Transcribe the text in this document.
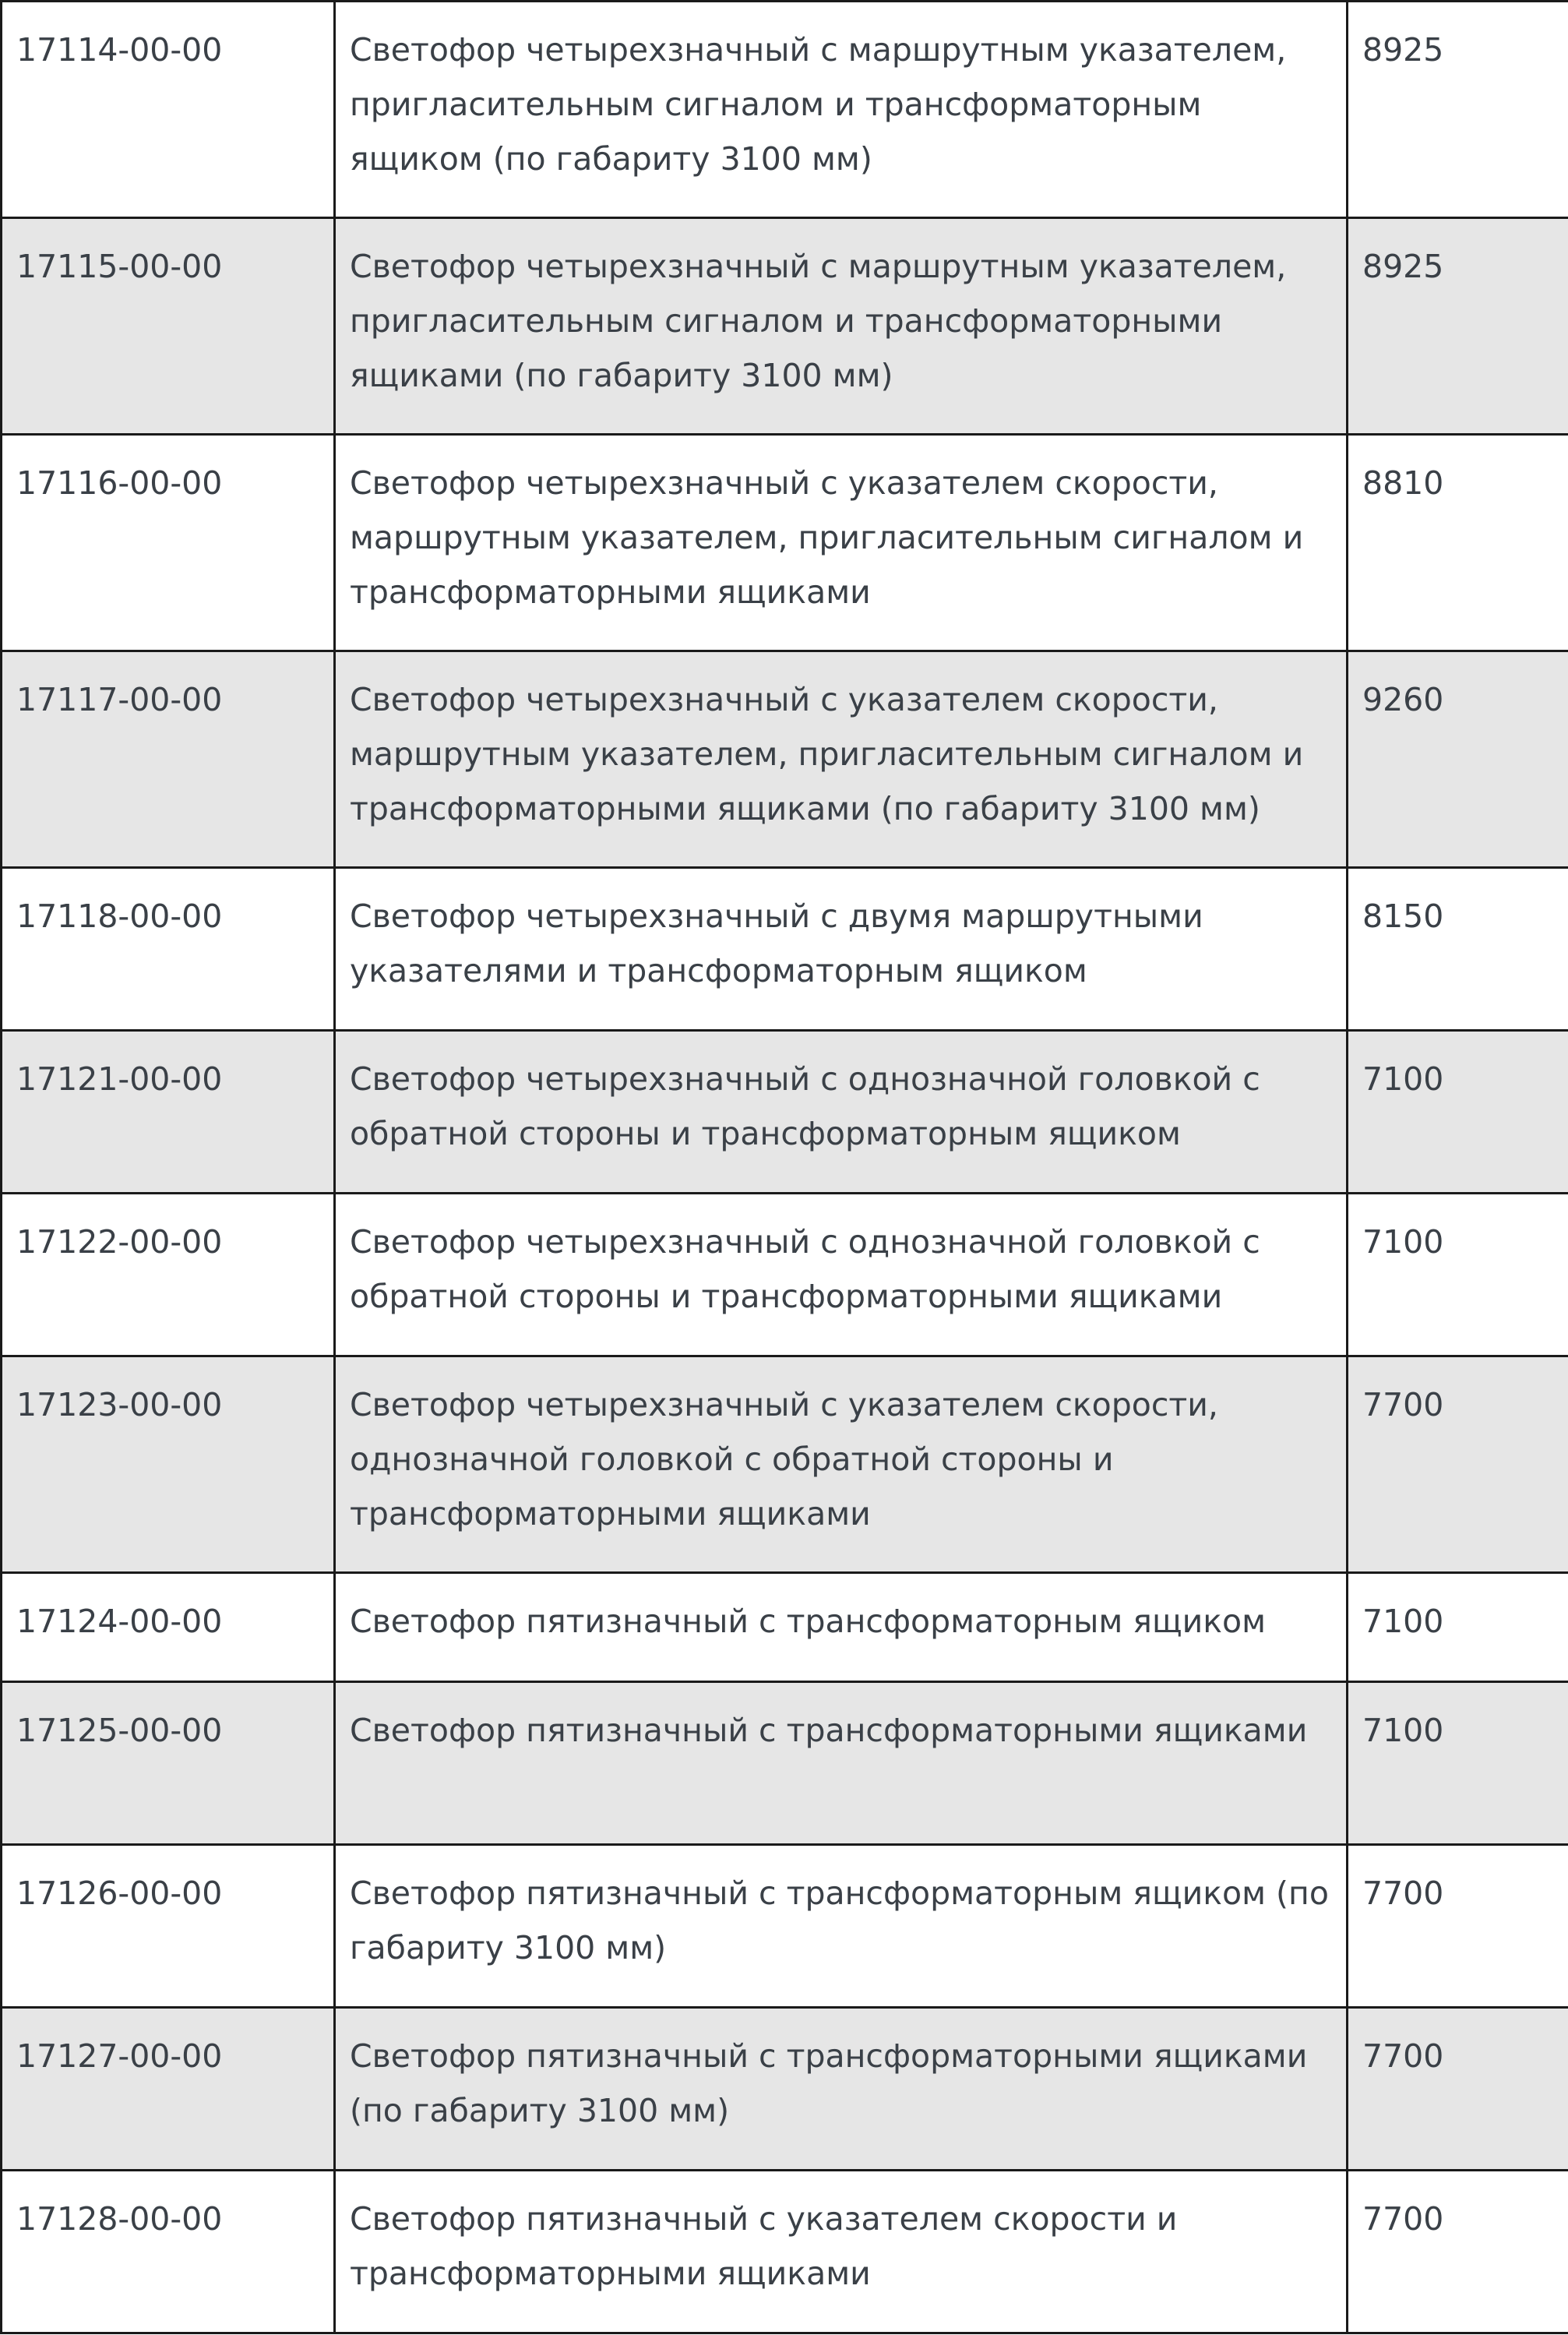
17114-00-00	Светофор четырехзначный с маршрутным указателем, пригласительным сигналом и трансформаторным ящиком (по габариту 3100 мм)	8925
17115-00-00	Светофор четырехзначный с маршрутным указателем, пригласительным сигналом и трансформаторными ящиками (по габариту 3100 мм)	8925
17116-00-00	Светофор четырехзначный с указателем скорости, маршрутным указателем, пригласительным сигналом и трансформаторными ящиками	8810
17117-00-00	Светофор четырехзначный с указателем скорости, маршрутным указателем, пригласительным сигналом и трансформаторными ящиками (по габариту 3100 мм)	9260
17118-00-00	Светофор четырехзначный с двумя маршрутными указателями и трансформаторным ящиком	8150
17121-00-00	Светофор четырехзначный с однозначной головкой с обратной стороны и трансформаторным ящиком	7100
17122-00-00	Светофор четырехзначный с однозначной головкой с обратной стороны и трансформаторными ящиками	7100
17123-00-00	Светофор четырехзначный с указателем скорости, однозначной головкой с обратной стороны и трансформаторными ящиками	7700
17124-00-00	Светофор пятизначный с трансформаторным ящиком	7100
17125-00-00	Светофор пятизначный с трансформаторными ящиками	7100
17126-00-00	Светофор пятизначный с трансформаторным ящиком (по габариту 3100 мм)	7700
17127-00-00	Светофор пятизначный с трансформаторными ящиками (по габариту 3100 мм)	7700
17128-00-00	Светофор пятизначный с указателем скорости и трансформаторными ящиками	7700
